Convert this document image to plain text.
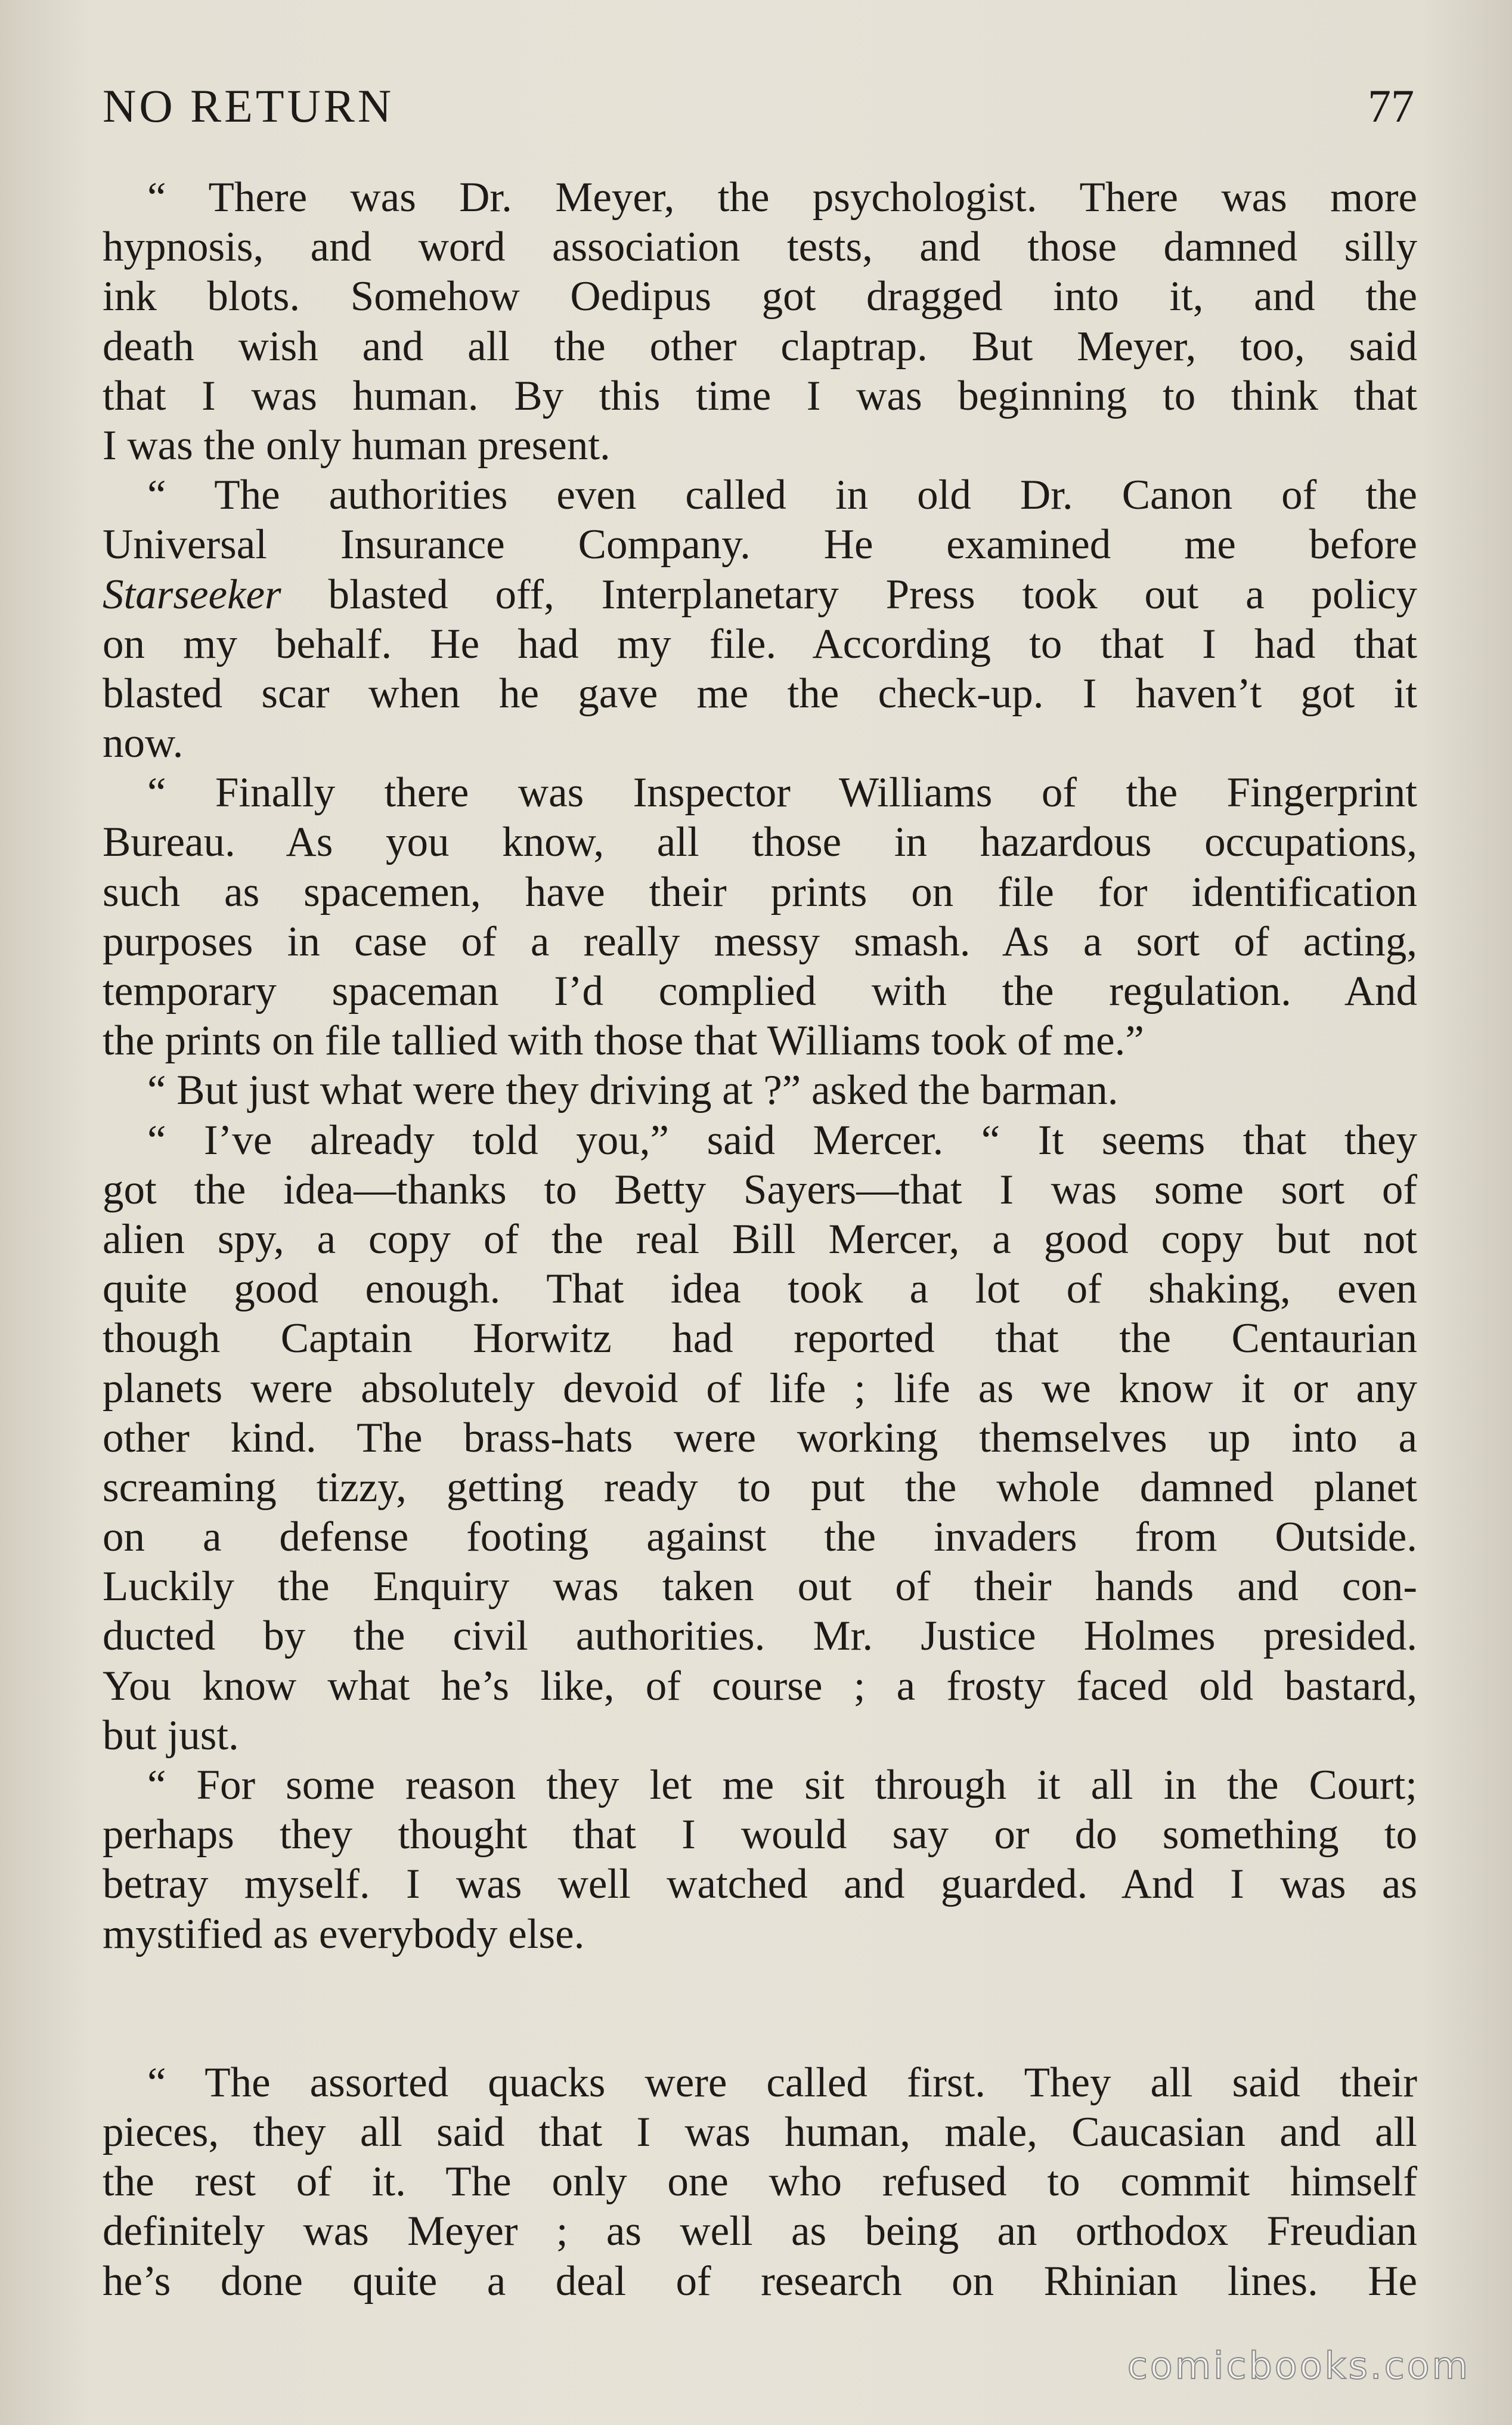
NO RETURN	77
“ There was Dr. Meyer, the psychologist. There was more
hypnosis, and word association tests, and those damned silly
ink blots. Somehow Oedipus got dragged into it, and the
death wish and all the other claptrap. But Meyer, too, said
that I was human. By this time I was beginning to think that
I was the only human present.
“ The authorities even called in old Dr. Canon of the
Universal Insurance Company. He examined me before
Starseeker blasted off, Interplanetary Press took out a policy
on my behalf. He had my file. According to that I had that
blasted scar when he gave me the check-up. I haven’t got it
now.
“ Finally there was Inspector Williams of the Fingerprint
Bureau. As you know, all those in hazardous occupations,
such as spacemen, have their prints on file for identification
purposes in case of a really messy smash. As a sort of acting,
temporary spaceman I’d complied with the regulation. And
the prints on file tallied with those that Williams took of me.”
“ But just what were they driving at ?” asked the barman.
“ I’ve already told you,” said Mercer. “ It seems that they
got the idea—thanks to Betty Sayers—that I was some sort of
alien spy, a copy of the real Bill Mercer, a good copy but not
quite good enough. That idea took a lot of shaking, even
though Captain Horwitz had reported that the Centaurian
planets were absolutely devoid of life ; life as we know it or any
other kind. The brass-hats were working themselves up into a
screaming tizzy, getting ready to put the whole damned planet
on a defense footing against the invaders from Outside.
Luckily the Enquiry was taken out of their hands and con-
ducted by the civil authorities. Mr. Justice Holmes presided.
You know what he’s like, of course ; a frosty faced old bastard,
but just.
“ For some reason they let me sit through it all in the Court;
perhaps they thought that I would say or do something to
betray myself. I was well watched and guarded. And I was as
mystified as everybody else.
“ The assorted quacks were called first. They all said their
pieces, they all said that I was human, male, Caucasian and all
the rest of it. The only one who refused to commit himself
definitely was Meyer ; as well as being an orthodox Freudian
he’s done quite a deal of research on Rhinian lines. He
comicbooks.com
